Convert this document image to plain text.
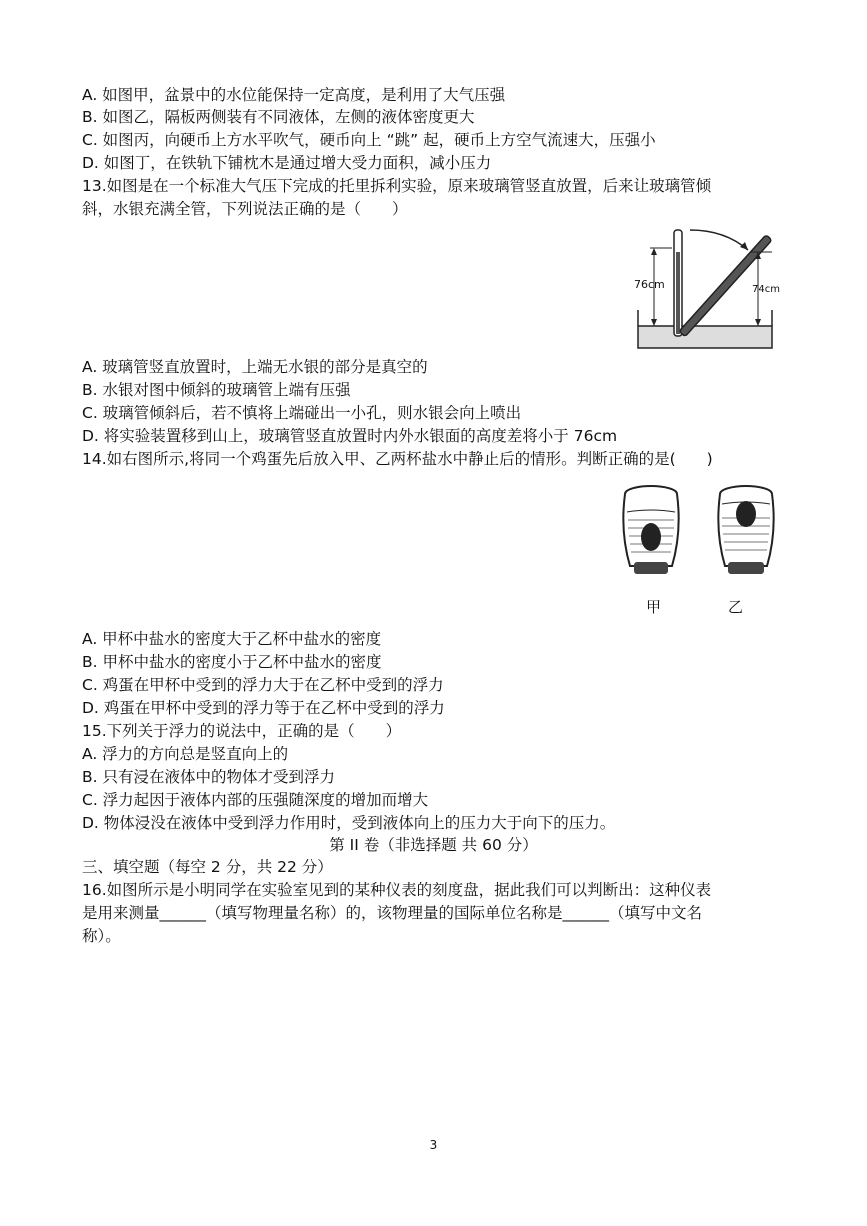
A. 如图甲，盆景中的水位能保持一定高度，是利用了大气压强
B. 如图乙，隔板两侧装有不同液体，左侧的液体密度更大
C. 如图丙，向硬币上方水平吹气，硬币向上 “跳” 起，硬币上方空气流速大，压强小
D. 如图丁，在铁轨下铺枕木是通过增大受力面积，减小压力
13.如图是在一个标准大气压下完成的托里拆利实验，原来玻璃管竖直放置，后来让玻璃管倾
斜，水银充满全管，下列说法正确的是（　　）
76cm	74cm
A. 玻璃管竖直放置时，上端无水银的部分是真空的
B. 水银对图中倾斜的玻璃管上端有压强
C. 玻璃管倾斜后，若不慎将上端碰出一小孔，则水银会向上喷出
D. 将实验装置移到山上，玻璃管竖直放置时内外水银面的高度差将小于 76cm
14.如右图所示,将同一个鸡蛋先后放入甲、乙两杯盐水中静止后的情形。判断正确的是(　　)
甲	乙
A. 甲杯中盐水的密度大于乙杯中盐水的密度
B. 甲杯中盐水的密度小于乙杯中盐水的密度
C. 鸡蛋在甲杯中受到的浮力大于在乙杯中受到的浮力
D. 鸡蛋在甲杯中受到的浮力等于在乙杯中受到的浮力
15.下列关于浮力的说法中，正确的是（　　）
A. 浮力的方向总是竖直向上的
B. 只有浸在液体中的物体才受到浮力
C. 浮力起因于液体内部的压强随深度的增加而增大
D. 物体浸没在液体中受到浮力作用时，受到液体向上的压力大于向下的压力。
第 II 卷（非选择题 共 60 分）
三、填空题（每空 2 分，共 22 分）
16.如图所示是小明同学在实验室见到的某种仪表的刻度盘，据此我们可以判断出：这种仪表
是用来测量______（填写物理量名称）的，该物理量的国际单位名称是______（填写中文名
称）。
3
